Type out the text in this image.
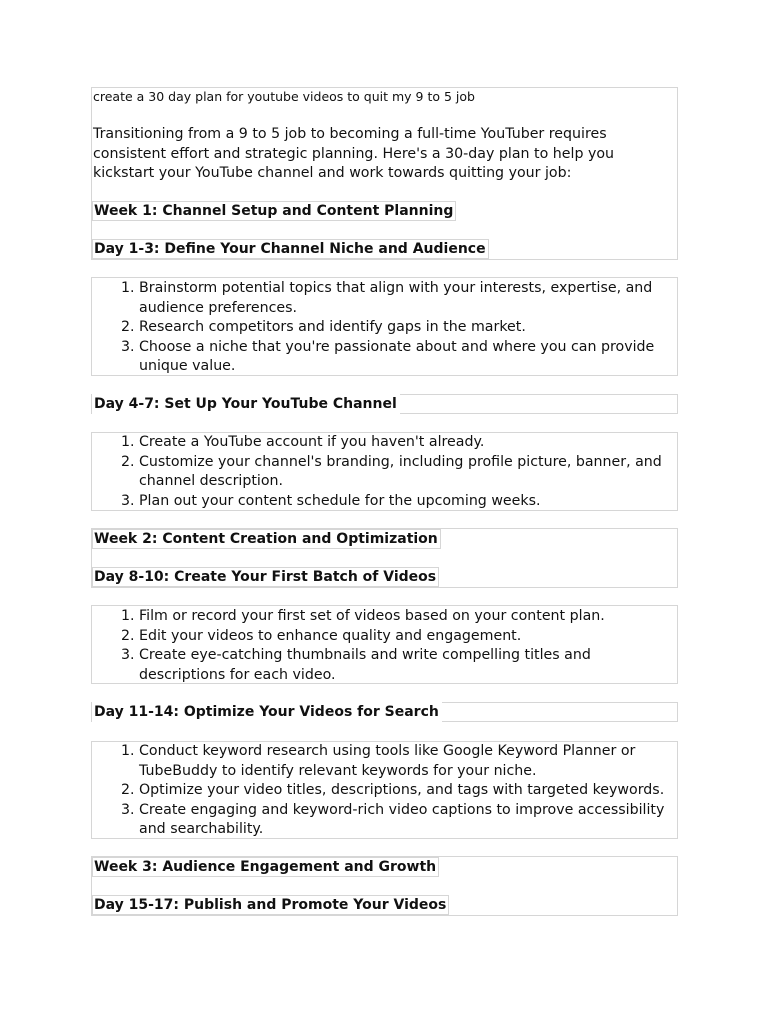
create a 30 day plan for youtube videos to quit my 9 to 5 job
Transitioning from a 9 to 5 job to becoming a full-time YouTuber requires consistent effort and strategic planning. Here's a 30-day plan to help you kickstart your YouTube channel and work towards quitting your job:
Week 1: Channel Setup and Content Planning
Day 1-3: Define Your Channel Niche and Audience
1. Brainstorm potential topics that align with your interests, expertise, and audience preferences.
2. Research competitors and identify gaps in the market.
3. Choose a niche that you're passionate about and where you can provide unique value.
Day 4-7: Set Up Your YouTube Channel
1. Create a YouTube account if you haven't already.
2. Customize your channel's branding, including profile picture, banner, and channel description.
3. Plan out your content schedule for the upcoming weeks.
Week 2: Content Creation and Optimization
Day 8-10: Create Your First Batch of Videos
1. Film or record your first set of videos based on your content plan.
2. Edit your videos to enhance quality and engagement.
3. Create eye-catching thumbnails and write compelling titles and descriptions for each video.
Day 11-14: Optimize Your Videos for Search
1. Conduct keyword research using tools like Google Keyword Planner or TubeBuddy to identify relevant keywords for your niche.
2. Optimize your video titles, descriptions, and tags with targeted keywords.
3. Create engaging and keyword-rich video captions to improve accessibility and searchability.
Week 3: Audience Engagement and Growth
Day 15-17: Publish and Promote Your Videos
